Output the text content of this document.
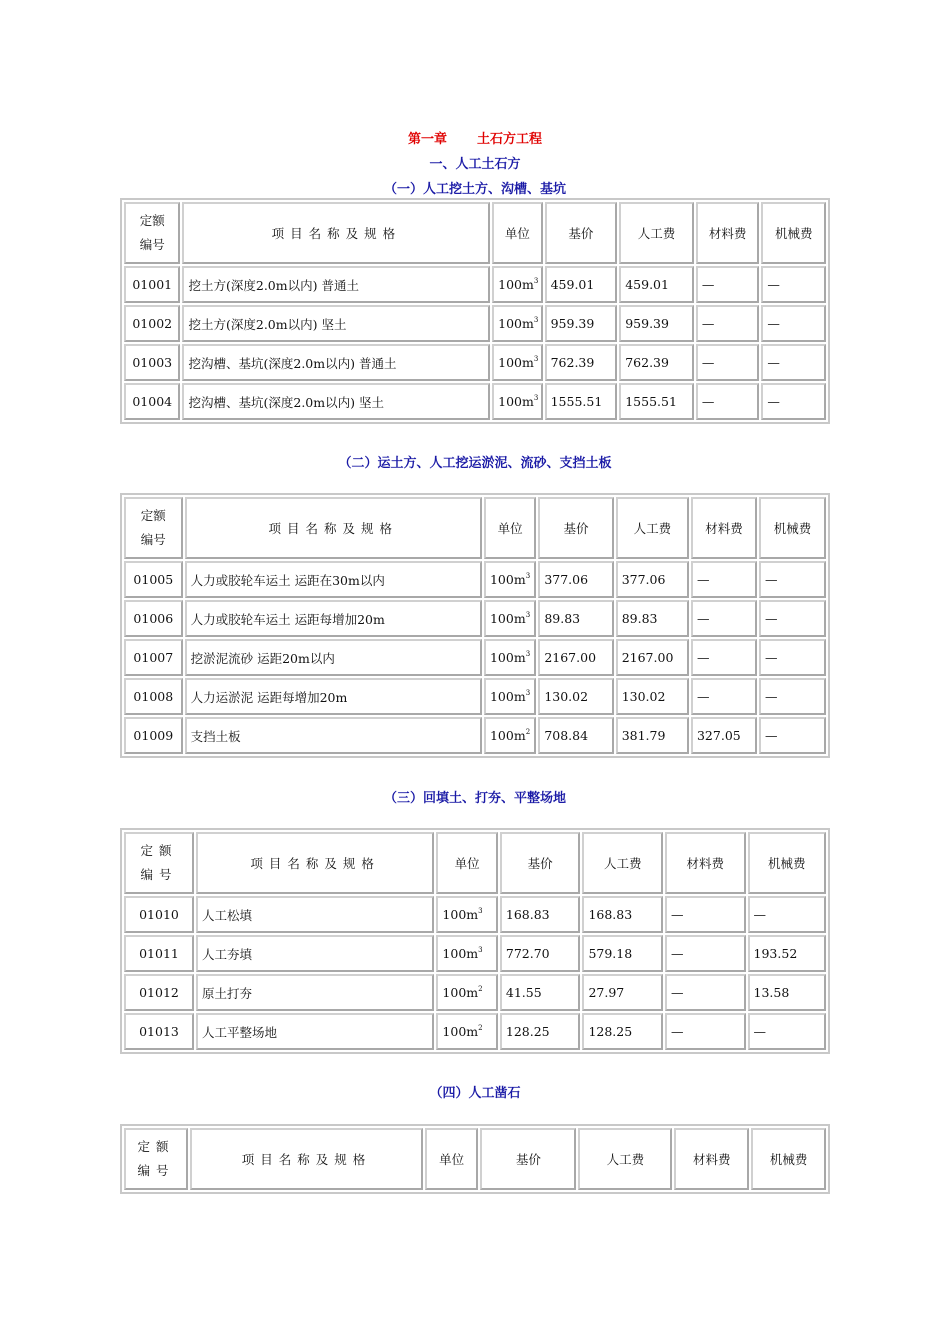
第一章 土石方工程
一、人工土石方
（一）人工挖土方、沟槽、基坑
（二）运土方、人工挖运淤泥、流砂、支挡土板
（三）回填土、打夯、平整场地
（四）人工凿石
定额
编号	项目名称及规格	单位	基价	人工费	材料费	机械费
01001	挖土方(深度2.0m以内) 普通土	$100m^3$	459.01	459.01	—	—
01002	挖土方(深度2.0m以内) 坚土	$100m^3$	959.39	959.39	—	—
01003	挖沟槽、基坑(深度2.0m以内) 普通土	$100m^3$	762.39	762.39	—	—
01004	挖沟槽、基坑(深度2.0m以内) 坚土	$100m^3$	1555.51	1555.51	—	—
定额
编号	项目名称及规格	单位	基价	人工费	材料费	机械费
01005	人力或胶轮车运土 运距在30m以内	$100m^3$	377.06	377.06	—	—
01006	人力或胶轮车运土 运距每增加20m	$100m^3$	89.83	89.83	—	—
01007	挖淤泥流砂 运距20m以内	$100m^3$	2167.00	2167.00	—	—
01008	人力运淤泥 运距每增加20m	$100m^3$	130.02	130.02	—	—
01009	支挡土板	$100m^2$	708.84	381.79	327.05	—
定额
编号	项目名称及规格	单位	基价	人工费	材料费	机械费
01010	人工松填	$100m^3$	168.83	168.83	—	—
01011	人工夯填	$100m^3$	772.70	579.18	—	193.52
01012	原土打夯	$100m^2$	41.55	27.97	—	13.58
01013	人工平整场地	$100m^2$	128.25	128.25	—	—
定额
编号	项目名称及规格	单位	基价	人工费	材料费	机械费
